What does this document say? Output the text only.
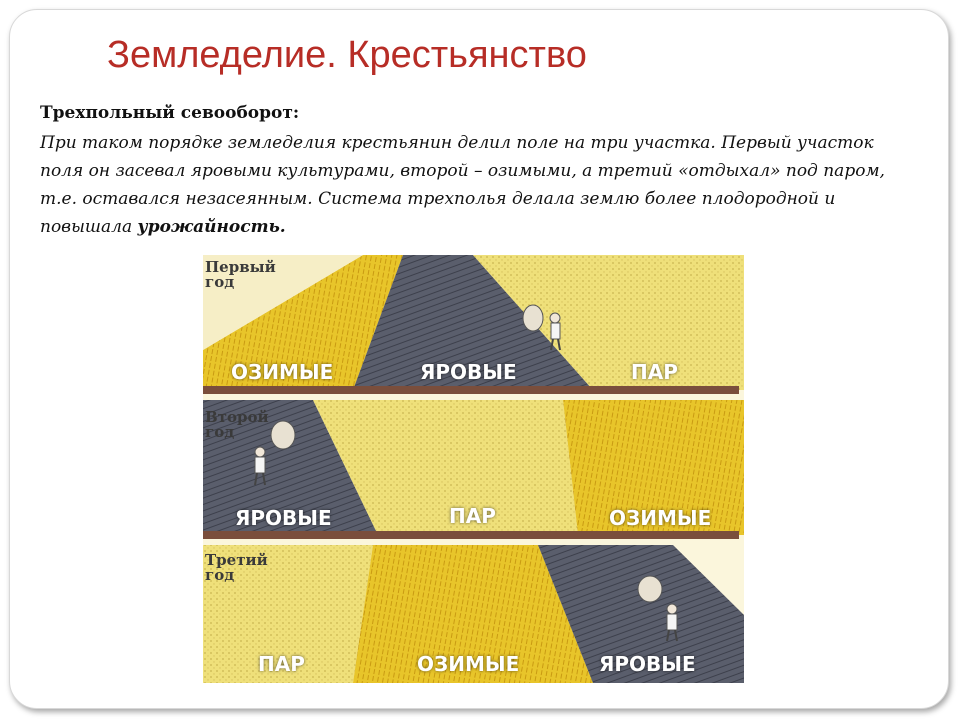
Земледелие. Крестьянство
Трехпольный севооборот:
При таком порядке земледелия крестьянин делил поле на три участка. Первый участок поля он засевал яровыми культурами, второй – озимыми, а третий «отдыхал» под паром, т.е. оставался незасеянным. Система трехполья делала землю более плодородной и повышала урожайность.
Первый
год
Второй
год
Третий
год
ОЗИМЫЕ	ЯРОВЫЕ	ПАР
ЯРОВЫЕ	ПАР	ОЗИМЫЕ
ПАР	ОЗИМЫЕ	ЯРОВЫЕ
